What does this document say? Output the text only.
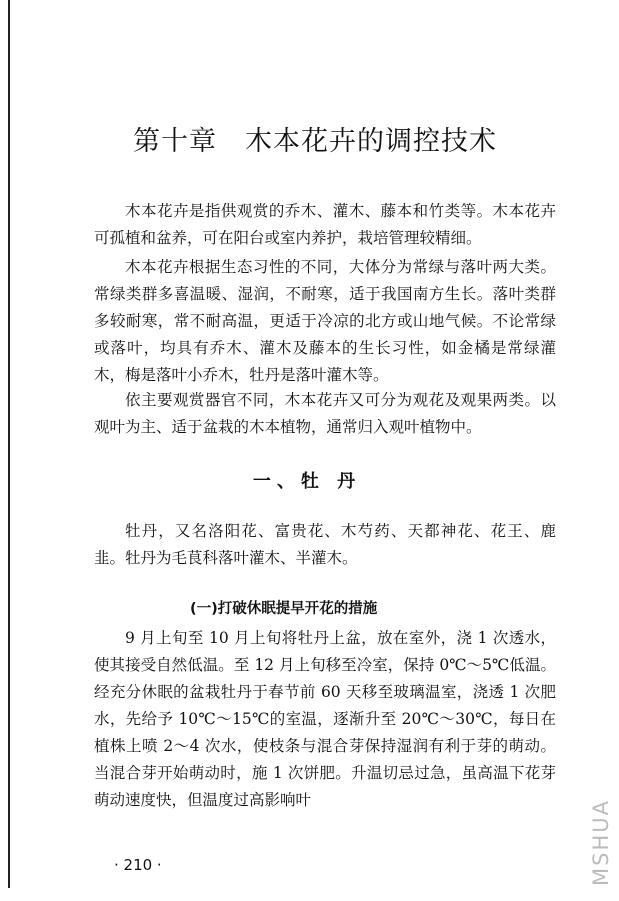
第十章 木本花卉的调控技术

木本花卉是指供观赏的乔木、灌木、藤本和竹类等。木本花卉可孤植和盆养，可在阳台或室内养护，栽培管理较精细。

木本花卉根据生态习性的不同，大体分为常绿与落叶两大类。常绿类群多喜温暖、湿润，不耐寒，适于我国南方生长。落叶类群多较耐寒，常不耐高温，更适于冷凉的北方或山地气候。不论常绿或落叶，均具有乔木、灌木及藤本的生长习性，如金橘是常绿灌木，梅是落叶小乔木，牡丹是落叶灌木等。

依主要观赏器官不同，木本花卉又可分为观花及观果两类。以观叶为主、适于盆栽的木本植物，通常归入观叶植物中。

一、牡 丹

牡丹，又名洛阳花、富贵花、木芍药、天都神花、花王、鹿韭。牡丹为毛茛科落叶灌木、半灌木。

(一)打破休眠提早开花的措施

9 月上旬至 10 月上旬将牡丹上盆，放在室外，浇 1 次透水，使其接受自然低温。至 12 月上旬移至冷室，保持 0℃～5℃低温。经充分休眠的盆栽牡丹于春节前 60 天移至玻璃温室，浇透 1 次肥水，先给予 10℃～15℃的室温，逐渐升至 20℃～30℃，每日在植株上喷 2～4 次水，使枝条与混合芽保持湿润有利于芽的萌动。当混合芽开始萌动时，施 1 次饼肥。升温切忌过急，虽高温下花芽萌动速度快，但温度过高影响叶

· 210 ·	MSHUA
